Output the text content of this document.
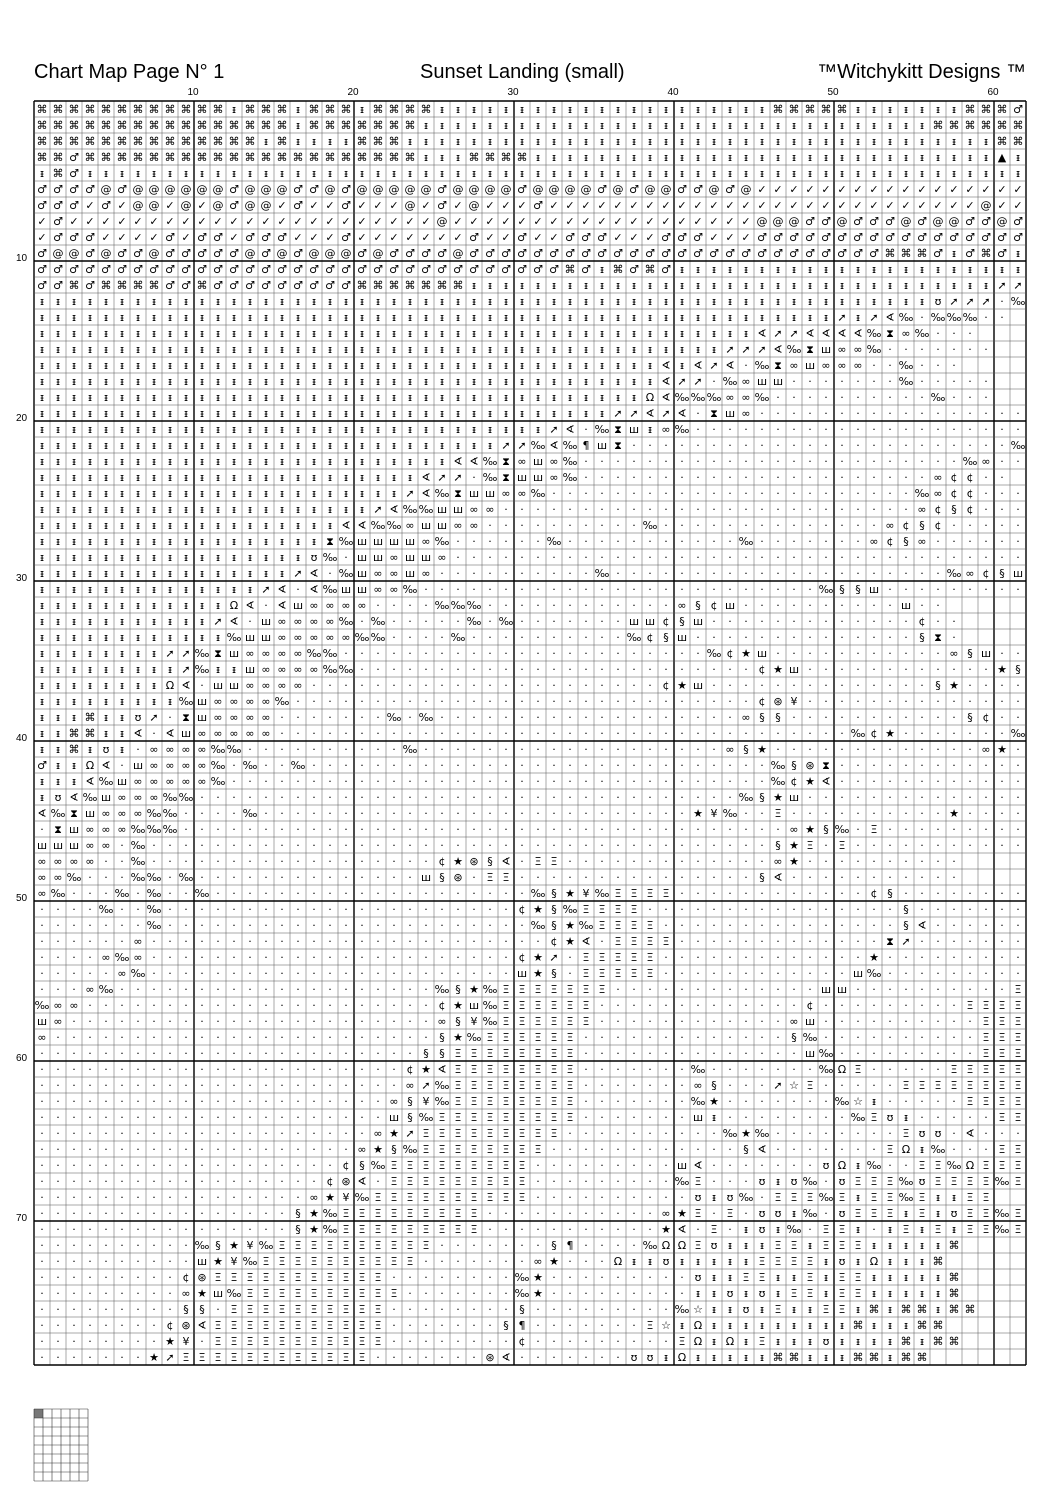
Chart Map Page N° 1	Sunset Landing (small)	™Witchykitt Designs ™
10	20	30	40	50	60
10
20
30
40
50
60
70
⌘ ⌘ ⌘ ⌘ ⌘ ⌘ ⌘ ⌘ ⌘ ⌘ ⌘ ⌘ ᵻ ⌘ ⌘ ⌘ ᵻ ⌘ ⌘ ⌘ ᵻ ⌘ ⌘ ⌘ ⌘ ᵻ ᵻ ᵻ ᵻ ᵻ ᵻ ᵻ ᵻ ᵻ ᵻ ᵻ ᵻ ᵻ ᵻ ᵻ ᵻ ᵻ ᵻ ᵻ ᵻ ᵻ ⌘ ⌘ ⌘ ⌘ ⌘ ᵻ ᵻ ᵻ ᵻ ᵻ ᵻ ᵻ ⌘ ⌘ ⌘ ♂
⌘ ⌘ ⌘ ⌘ ⌘ ⌘ ⌘ ⌘ ⌘ ⌘ ⌘ ⌘ ⌘ ⌘ ⌘ ⌘ ᵻ ⌘ ⌘ ⌘ ⌘ ⌘ ⌘ ⌘ ᵻ ᵻ ᵻ ᵻ ᵻ ᵻ ᵻ ᵻ ᵻ ᵻ ᵻ ᵻ ᵻ ᵻ ᵻ ᵻ ᵻ ᵻ ᵻ ᵻ ᵻ ᵻ ᵻ ᵻ ᵻ ᵻ ᵻ ᵻ ᵻ ᵻ ᵻ ᵻ ⌘ ⌘ ⌘ ⌘ ⌘ ⌘
⌘ ⌘ ⌘ ⌘ ⌘ ⌘ ⌘ ⌘ ⌘ ⌘ ⌘ ⌘ ⌘ ⌘ ᵻ ⌘ ᵻ ᵻ ᵻ ᵻ ⌘ ⌘ ⌘ ᵻ ᵻ ᵻ ᵻ ᵻ ᵻ ᵻ ᵻ ᵻ ᵻ ᵻ ᵻ ᵻ ᵻ ᵻ ᵻ ᵻ ᵻ ᵻ ᵻ ᵻ ᵻ ᵻ ᵻ ᵻ ᵻ ᵻ ᵻ ᵻ ᵻ ᵻ ᵻ ᵻ ᵻ ᵻ ᵻ ᵻ ⌘ ⌘
⌘ ⌘ ♂ ⌘ ⌘ ⌘ ⌘ ⌘ ⌘ ⌘ ⌘ ⌘ ⌘ ⌘ ⌘ ⌘ ⌘ ⌘ ⌘ ⌘ ⌘ ⌘ ⌘ ⌘ ᵻ ᵻ ᵻ ⌘ ⌘ ⌘ ⌘ ᵻ ᵻ ᵻ ᵻ ᵻ ᵻ ᵻ ᵻ ᵻ ᵻ ᵻ ᵻ ᵻ ᵻ ᵻ ᵻ ᵻ ᵻ ᵻ ᵻ ᵻ ᵻ ᵻ ᵻ ᵻ ᵻ ᵻ ᵻ ᵻ ▲ ᵻ
ᵻ ⌘ ♂ ᵻ ᵻ ᵻ ᵻ ᵻ ᵻ ᵻ ᵻ ᵻ ᵻ ᵻ ᵻ ᵻ ᵻ ᵻ ᵻ ᵻ ᵻ ᵻ ᵻ ᵻ ᵻ ᵻ ᵻ ᵻ ᵻ ᵻ ᵻ ᵻ ᵻ ᵻ ᵻ ᵻ ᵻ ᵻ ᵻ ᵻ ᵻ ᵻ ᵻ ᵻ ᵻ ᵻ ᵻ ᵻ ᵻ ᵻ ᵻ ᵻ ᵻ ᵻ ᵻ ᵻ ᵻ ᵻ ᵻ ᵻ ᵻ ᵻ
♂ ♂ ♂ ♂ @ ♂ @ @ @ @ @ @ ♂ @ @ @ ♂ ♂ @ ♂ @ @ @ @ @ ♂ @ @ @ @ ♂ @ @ @ @ ♂ @ ♂ @ @ ♂ ♂ @ ♂ @ ✓ ✓ ✓ ✓ ✓ ✓ ✓ ✓ ✓ ✓ ✓ ✓ ✓ ✓ ✓ ✓ ✓
♂ ♂ ♂ ✓ ♂ ✓ @ @ ✓ @ ✓ @ ♂ @ @ ✓ ♂ ✓ ✓ ♂ ✓ ✓ ✓ @ ✓ ♂ ✓ @ ✓ ✓ ✓ ♂ ✓ ✓ ✓ ✓ ✓ ✓ ✓ ✓ ✓ ✓ ✓ ✓ ✓ ✓ ✓ ✓ ✓ ✓ ✓ ✓ ✓ ✓ ✓ ✓ ✓ ✓ ✓ @ ✓ ✓
✓ ♂ ✓ ✓ ✓ ✓ ✓ ✓ ✓ ✓ ✓ ✓ ✓ ✓ ✓ ✓ ✓ ✓ ✓ ✓ ✓ ✓ ✓ ✓ ✓ @ ✓ ✓ ✓ ✓ ✓ ✓ ✓ ✓ ✓ ✓ ✓ ✓ ✓ ✓ ✓ ✓ ✓ ✓ ✓ @ @ @ ♂ ♂ @ ♂ ♂ ♂ @ ♂ @ @ ♂ ♂ @ ♂
✓ ♂ ♂ ♂ ✓ ✓ ✓ ✓ ♂ ✓ ♂ ♂ ✓ ♂ ♂ ♂ ✓ ✓ ✓ ♂ ✓ ✓ ✓ ✓ ✓ ✓ ✓ ♂ ✓ ✓ ♂ ✓ ✓ ♂ ♂ ♂ ✓ ✓ ✓ ♂ ♂ ♂ ✓ ✓ ✓ ♂ ♂ ♂ ♂ ♂ ♂ ♂ ♂ ♂ ♂ ♂ ♂ ♂ ♂ ♂ ♂ ♂
♂ @ @ ♂ @ ♂ ♂ @ ♂ ♂ ♂ ♂ ♂ @ ♂ @ ♂ @ @ @ ♂ @ ♂ ♂ ♂ ♂ @ ♂ ♂ ♂ ♂ ♂ ♂ ♂ ♂ ♂ ♂ ♂ ♂ ♂ ♂ ♂ ♂ ♂ ♂ ♂ ♂ ♂ ♂ ♂ ♂ ♂ ♂ ⌘ ⌘ ⌘ ♂ ᵻ ♂ ⌘ ♂ ᵻ
♂ ♂ ♂ ♂ ♂ ♂ ♂ ♂ ♂ ♂ ♂ ♂ ♂ ♂ ♂ ♂ ♂ ♂ ♂ ♂ ♂ ♂ ♂ ♂ ♂ ♂ ♂ ♂ ♂ ♂ ♂ ♂ ♂ ⌘ ♂ ᵻ ⌘ ♂ ⌘ ♂ ᵻ ᵻ ᵻ ᵻ ᵻ ᵻ ᵻ ᵻ ᵻ ᵻ ᵻ ᵻ ᵻ ᵻ ᵻ ᵻ ᵻ ᵻ ᵻ ᵻ ᵻ ᵻ
♂ ♂ ⌘ ♂ ⌘ ⌘ ⌘ ⌘ ♂ ♂ ⌘ ♂ ♂ ♂ ♂ ♂ ♂ ♂ ♂ ♂ ⌘ ⌘ ⌘ ⌘ ⌘ ⌘ ⌘ ᵻ ᵻ ᵻ ᵻ ᵻ ᵻ ᵻ ᵻ ᵻ ᵻ ᵻ ᵻ ᵻ ᵻ ᵻ ᵻ ᵻ ᵻ ᵻ ᵻ ᵻ ᵻ ᵻ ᵻ ᵻ ᵻ ᵻ ᵻ ᵻ ᵻ ᵻ ᵻ ᵻ ➚ ➚
ᵻ ᵻ ᵻ ᵻ ᵻ ᵻ ᵻ ᵻ ᵻ ᵻ ᵻ ᵻ ᵻ ᵻ ᵻ ᵻ ᵻ ᵻ ᵻ ᵻ ᵻ ᵻ ᵻ ᵻ ᵻ ᵻ ᵻ ᵻ ᵻ ᵻ ᵻ ᵻ ᵻ ᵻ ᵻ ᵻ ᵻ ᵻ ᵻ ᵻ ᵻ ᵻ ᵻ ᵻ ᵻ ᵻ ᵻ ᵻ ᵻ ᵻ ᵻ ᵻ ᵻ ᵻ ᵻ ᵻ ʊ ➚ ➚ ➚ · ‰
ᵻ ᵻ ᵻ ᵻ ᵻ ᵻ ᵻ ᵻ ᵻ ᵻ ᵻ ᵻ ᵻ ᵻ ᵻ ᵻ ᵻ ᵻ ᵻ ᵻ ᵻ ᵻ ᵻ ᵻ ᵻ ᵻ ᵻ ᵻ ᵻ ᵻ ᵻ ᵻ ᵻ ᵻ ᵻ ᵻ ᵻ ᵻ ᵻ ᵻ ᵻ ᵻ ᵻ ᵻ ᵻ ᵻ ᵻ ᵻ ᵻ ᵻ ➚ ᵻ ➚ ∢ ‰ · ‰ ‰ ‰ · ·
ᵻ ᵻ ᵻ ᵻ ᵻ ᵻ ᵻ ᵻ ᵻ ᵻ ᵻ ᵻ ᵻ ᵻ ᵻ ᵻ ᵻ ᵻ ᵻ ᵻ ᵻ ᵻ ᵻ ᵻ ᵻ ᵻ ᵻ ᵻ ᵻ ᵻ ᵻ ᵻ ᵻ ᵻ ᵻ ᵻ ᵻ ᵻ ᵻ ᵻ ᵻ ᵻ ᵻ ᵻ ᵻ ∢ ➚ ➚ ∢ ∢ ∢ ∢ ‰ ⧗ ∞ ‰ · · ·
ᵻ ᵻ ᵻ ᵻ ᵻ ᵻ ᵻ ᵻ ᵻ ᵻ ᵻ ᵻ ᵻ ᵻ ᵻ ᵻ ᵻ ᵻ ᵻ ᵻ ᵻ ᵻ ᵻ ᵻ ᵻ ᵻ ᵻ ᵻ ᵻ ᵻ ᵻ ᵻ ᵻ ᵻ ᵻ ᵻ ᵻ ᵻ ᵻ ᵻ ᵻ ᵻ ᵻ ➚ ➚ ➚ ∢ ‰ ⧗ ш ∞ ∞ ‰ · · · · · · ·
ᵻ ᵻ ᵻ ᵻ ᵻ ᵻ ᵻ ᵻ ᵻ ᵻ ᵻ ᵻ ᵻ ᵻ ᵻ ᵻ ᵻ ᵻ ᵻ ᵻ ᵻ ᵻ ᵻ ᵻ ᵻ ᵻ ᵻ ᵻ ᵻ ᵻ ᵻ ᵻ ᵻ ᵻ ᵻ ᵻ ᵻ ᵻ ᵻ ∢ ᵻ ∢ ➚ ∢ · ‰ ⧗ ∞ ш ∞ ∞ ∞ · · ‰ · · ·
ᵻ ᵻ ᵻ ᵻ ᵻ ᵻ ᵻ ᵻ ᵻ ᵻ ᵻ ᵻ ᵻ ᵻ ᵻ ᵻ ᵻ ᵻ ᵻ ᵻ ᵻ ᵻ ᵻ ᵻ ᵻ ᵻ ᵻ ᵻ ᵻ ᵻ ᵻ ᵻ ᵻ ᵻ ᵻ ᵻ ᵻ ᵻ ᵻ ∢ ➚ ➚ · ‰ ∞ ш ш · · · · · · · ‰ · · · · ·
ᵻ ᵻ ᵻ ᵻ ᵻ ᵻ ᵻ ᵻ ᵻ ᵻ ᵻ ᵻ ᵻ ᵻ ᵻ ᵻ ᵻ ᵻ ᵻ ᵻ ᵻ ᵻ ᵻ ᵻ ᵻ ᵻ ᵻ ᵻ ᵻ ᵻ ᵻ ᵻ ᵻ ᵻ ᵻ ᵻ ᵻ ᵻ Ω ∢ ‰ ‰ ‰ ∞ ∞ ‰ · · · · · · · · · · ‰ · · ·
ᵻ ᵻ ᵻ ᵻ ᵻ ᵻ ᵻ ᵻ ᵻ ᵻ ᵻ ᵻ ᵻ ᵻ ᵻ ᵻ ᵻ ᵻ ᵻ ᵻ ᵻ ᵻ ᵻ ᵻ ᵻ ᵻ ᵻ ᵻ ᵻ ᵻ ᵻ ᵻ ᵻ ᵻ ᵻ ᵻ ➚ ➚ ∢ ➚ ∢ · ⧗ ш ∞ · · · · · · · · · · · · · · · · ·
ᵻ ᵻ ᵻ ᵻ ᵻ ᵻ ᵻ ᵻ ᵻ ᵻ ᵻ ᵻ ᵻ ᵻ ᵻ ᵻ ᵻ ᵻ ᵻ ᵻ ᵻ ᵻ ᵻ ᵻ ᵻ ᵻ ᵻ ᵻ ᵻ ᵻ ᵻ ᵻ ➚ ∢ · ‰ ⧗ ш ᵻ ∞ ‰ · · · · · · · · · · · · · · · · · · · · ·
ᵻ ᵻ ᵻ ᵻ ᵻ ᵻ ᵻ ᵻ ᵻ ᵻ ᵻ ᵻ ᵻ ᵻ ᵻ ᵻ ᵻ ᵻ ᵻ ᵻ ᵻ ᵻ ᵻ ᵻ ᵻ ᵻ ᵻ ᵻ ᵻ ➚ ➚ ‰ ∢ ‰ ¶ ш ⧗ · · · · · · · · · · · · · · · · · · · · · · · · ‰
ᵻ ᵻ ᵻ ᵻ ᵻ ᵻ ᵻ ᵻ ᵻ ᵻ ᵻ ᵻ ᵻ ᵻ ᵻ ᵻ ᵻ ᵻ ᵻ ᵻ ᵻ ᵻ ᵻ ᵻ ᵻ ᵻ ∢ ∢ ‰ ⧗ ∞ ш ∞ ‰ · · · · · · · · · · · · · · · · · · · · · · · · ‰ ∞ · ·
ᵻ ᵻ ᵻ ᵻ ᵻ ᵻ ᵻ ᵻ ᵻ ᵻ ᵻ ᵻ ᵻ ᵻ ᵻ ᵻ ᵻ ᵻ ᵻ ᵻ ᵻ ᵻ ᵻ ᵻ ∢ ➚ ➚ · ‰ ⧗ ш ш ∞ ‰ · · · · · · · · · · · · · · · · · · · · · · ∞ ¢ ¢ · ·
ᵻ ᵻ ᵻ ᵻ ᵻ ᵻ ᵻ ᵻ ᵻ ᵻ ᵻ ᵻ ᵻ ᵻ ᵻ ᵻ ᵻ ᵻ ᵻ ᵻ ᵻ ᵻ ᵻ ➚ ∢ ‰ ⧗ ш ш ∞ ∞ ‰ · · · · · · · · · · · · · · · · · · · · · · · ‰ ∞ ¢ ¢ · · ·
ᵻ ᵻ ᵻ ᵻ ᵻ ᵻ ᵻ ᵻ ᵻ ᵻ ᵻ ᵻ ᵻ ᵻ ᵻ ᵻ ᵻ ᵻ ᵻ ᵻ ᵻ ➚ ∢ ‰ ‰ ш ш ∞ ∞ · · · · · · · · · · · · · · · · · · · · · · · · · · ∞ ¢ § ¢ · · ·
ᵻ ᵻ ᵻ ᵻ ᵻ ᵻ ᵻ ᵻ ᵻ ᵻ ᵻ ᵻ ᵻ ᵻ ᵻ ᵻ ᵻ ᵻ ᵻ ∢ ∢ ‰ ‰ ∞ ш ш ∞ ∞ · · · · · · · · · · ‰ · · · · · · · · · · · · · · ∞ ¢ § ¢ · · · · ·
ᵻ ᵻ ᵻ ᵻ ᵻ ᵻ ᵻ ᵻ ᵻ ᵻ ᵻ ᵻ ᵻ ᵻ ᵻ ᵻ ᵻ ᵻ ⧗ ‰ ш ш ш ш ∞ ‰ · · · · · · ‰ · · · · · · · · · · · ‰ · · · · · · · ∞ ¢ § ∞ · · · · · ·
ᵻ ᵻ ᵻ ᵻ ᵻ ᵻ ᵻ ᵻ ᵻ ᵻ ᵻ ᵻ ᵻ ᵻ ᵻ ᵻ ᵻ ʊ ‰ · ш ш ∞ ш ш ∞ · · · · · · · · · · · · · · · · · · · · · · · · · · · · · · · · · · · ·
ᵻ ᵻ ᵻ ᵻ ᵻ ᵻ ᵻ ᵻ ᵻ ᵻ ᵻ ᵻ ᵻ ᵻ ᵻ ᵻ ➚ ∢ · ‰ ш ∞ ∞ ш ∞ · · · · · · · · · · ‰ · · · · · · · · · · · · · · · · · · · · · ‰ ∞ ¢ § ш
ᵻ ᵻ ᵻ ᵻ ᵻ ᵻ ᵻ ᵻ ᵻ ᵻ ᵻ ᵻ ᵻ ᵻ ➚ ∢ · ∢ ‰ ш ш ∞ ∞ ‰ · · · · · · · · · · · · · · · · · · · · · · · · · ‰ § § ш · · · · · · · · ·
ᵻ ᵻ ᵻ ᵻ ᵻ ᵻ ᵻ ᵻ ᵻ ᵻ ᵻ ᵻ Ω ∢ · ∢ ш ∞ ∞ ∞ ∞ · · · · ‰ ‰ ‰ · · · · · · · · · · · · ∞ § ¢ ш · · · · · · · · · · ш · ·
ᵻ ᵻ ᵻ ᵻ ᵻ ᵻ ᵻ ᵻ ᵻ ᵻ ᵻ ➚ ∢ · ш ∞ ∞ ∞ ∞ ‰ · ‰ · · · · · ‰ · ‰ · · · · · · · ш ш ¢ § ш · · · · · · · · · · · · · ¢ · ·
ᵻ ᵻ ᵻ ᵻ ᵻ ᵻ ᵻ ᵻ ᵻ ᵻ ᵻ ᵻ ‰ ш ш ∞ ∞ ∞ ∞ ∞ ‰ ‰ · · · · ‰ · · · · · · · · · · ‰ ¢ § ш · · · · · · · · · · · · · · § ⧗ ·
ᵻ ᵻ ᵻ ᵻ ᵻ ᵻ ᵻ ᵻ ➚ ➚ ‰ ⧗ ш ∞ ∞ ∞ ∞ ‰ ‰ · · · · · · · · · · · · · · · · · · · · · · · ‰ ¢ ★ ш · · · · · · · · · · · ∞ § ш · ·
ᵻ ᵻ ᵻ ᵻ ᵻ ᵻ ᵻ ᵻ ᵻ ➚ ‰ ᵻ ᵻ ш ∞ ∞ ∞ ∞ ‰ ‰ · · · · · · · · · · · · · · · · · · · · · · · · · ¢ ★ ш · · · · · · · · · · · · ★ §
ᵻ ᵻ ᵻ ᵻ ᵻ ᵻ ᵻ ᵻ Ω ∢ · ш ш ∞ ∞ ∞ ∞ · · · · · · · · · · · · · · · · · · · · · · ¢ ★ ш · · · · · · · · · · · · · · § ★ · · · ·
ᵻ ᵻ ᵻ ᵻ ᵻ ᵻ ᵻ ᵻ ᵻ ‰ ш ∞ ∞ ∞ ∞ ‰ · · · · · · · · · · · · · · · · · · · · · · · · · · · · · ¢ ⊛ ¥ · · · · · · · · · · · · · ·
ᵻ ᵻ ᵻ ⌘ ᵻ ᵻ ʊ ➚ · ⧗ ш ∞ ∞ ∞ ∞ · · · · · · · ‰ · ‰ · · · · · · · · · · · · · · · · · · · ∞ § § · · · · · · · · · · · § ¢ · ·
ᵻ ᵻ ⌘ ⌘ ᵻ ᵻ ∢ · ∢ ш ∞ ∞ ∞ ∞ ∞ · · · · · · · · · · · · · · · · · · · · · · · · · · · · · · · · · · · · ‰ ¢ ★ · · · · · · · ‰
ᵻ ᵻ ⌘ ᵻ ʊ ᵻ · ∞ ∞ ∞ ∞ ‰ ‰ · · · · · · · · · · ‰ · · · · · · · · · · · · · · · · · · · ∞ § ★ · · · · · · · · · · · · · ∞ ★ ·
♂ ᵻ ᵻ Ω ∢ · ш ∞ ∞ ∞ ∞ ‰ · ‰ · · ‰ · · · · · · · · · · · · · · · · · · · · · · · · · · · · · ‰ § ⊛ ⧗ · · · · · · · · · · · ·
ᵻ ᵻ ᵻ ∢ ‰ ш ∞ ∞ ∞ ∞ ∞ ‰ · · · · · · · · · · · · · · · · · · · · · · · · · · · · · · · · · · ‰ ¢ ★ ∢ · · · · · · · · · · · ·
ᵻ ʊ ∢ ‰ ш ∞ ∞ ∞ ‰ ‰ · · · · · · · · · · · · · · · · · · · · · · · · · · · · · · · · · · ‰ § ★ ш · · · · · · · · · · · · · ·
∢ ‰ ⧗ ш ∞ ∞ ∞ ‰ ‰ · · · · ‰ · · · · · · · · · · · · · · · · · · · · · · · · · · · ★ ¥ ‰ · · Ξ · · · · · · · · · · ★ · · · ·
· ⧗ ш ∞ ∞ ∞ ‰ ‰ ‰ · · · · · · · · · · · · · · · · · · · · · · · · · · · · · · · · · · · · · · ∞ ★ § ‰ · Ξ · · · · · · · · ·
ш ш ш ∞ ∞ · ‰ · · · · · · · · · · · · · · · · · · · · · · · · · · · · · · · · · · · · · · · § ★ Ξ · Ξ · · · · · · · · · · ·
∞ ∞ ∞ ∞ · · ‰ · · · · · · · · · · · · · · · · · · ¢ ★ ⊛ § ∢ · Ξ Ξ · · · · · · · · · · · · · ∞ ★ · · · · · · · · · ·
∞ ∞ ‰ · · · ‰ ‰ · ‰ · · · · · · · · · · · · · · ш § ⊛ · Ξ Ξ · · · · · · · · · · · · · · · § ∢ · · · · · · · · · · ·
∞ ‰ · · · ‰ · ‰ · · ‰ · · · · · · · · · · · · · · · · · · · · ‰ § ★ ¥ ‰ Ξ Ξ Ξ Ξ · · · · · · · · · · · · ¢ § · · · · · · · ·
· · · · ‰ · · ‰ · · · · · · · · · · · · · · · · · · · · · · ¢ ★ § ‰ Ξ Ξ Ξ Ξ · · · · · · · · · · · · · · · · § · · · · · · ·
· · · · · · · ‰ · · · · · · · · · · · · · · · · · · · · · · · ‰ § ★ ‰ Ξ Ξ Ξ Ξ · · · · · · · · · · · · · · · § ∢ · · · · · ·
· · · · · · ∞ · · · · · · · · · · · · · · · · · · · · · · · · · ¢ ★ ∢ · Ξ Ξ Ξ Ξ · · · · · · · · · · · · · ⧗ ➚ · · · · · · ·
· · · · ∞ ‰ ∞ · · · · · · · · · · · · · · · · · · · · · · · ¢ ★ ➚ · Ξ Ξ Ξ Ξ Ξ · · · · · · · · · · · · · ★ · · · · · · · · ·
· · · · · ∞ ‰ · · · · · · · · · · · · · · · · · · · · · · · ш ★ § · Ξ Ξ Ξ Ξ Ξ · · · · · · · · · · · · ш ‰ · · · · · · · · ·
· · · ∞ ‰ · · · · · · · · · · · · · · · · · · · · ‰ § ★ ‰ Ξ Ξ Ξ Ξ Ξ Ξ Ξ · · · · · · · · · · · · · ш ш · · · · · · · · · · Ξ
‰ ∞ ∞ · · · · · · · · · · · · · · · · · · · · · · ¢ ★ ш ‰ Ξ Ξ Ξ Ξ Ξ Ξ · · · · · · · · · · · · · ¢ · · · · · · · · · Ξ Ξ Ξ Ξ
ш ∞ · · · · · · · · · · · · · · · · · · · · · · · ∞ § ¥ ‰ Ξ Ξ Ξ Ξ Ξ Ξ · · · · · · · · · · · · ∞ ш · · · · · · · · · · Ξ Ξ Ξ
∞ · · · · · · · · · · · · · · · · · · · · · · · · § ★ ‰ Ξ Ξ Ξ Ξ Ξ Ξ · · · · · · · · · · · · · § ‰ · · · · · · · · · · Ξ Ξ Ξ
· · · · · · · · · · · · · · · · · · · · · · · · § § Ξ Ξ Ξ Ξ Ξ Ξ Ξ Ξ · · · · · · · · · · · · · · ш ‰ · · · · · · · · · Ξ Ξ Ξ
· · · · · · · · · · · · · · · · · · · · · · · ¢ ★ ∢ Ξ Ξ Ξ Ξ Ξ Ξ Ξ Ξ · · · · · · · ‰ · · · · · · · ‰ Ω Ξ · · · · · Ξ Ξ Ξ Ξ Ξ
· · · · · · · · · · · · · · · · · · · · · · · ∞ ➚ ‰ Ξ Ξ Ξ Ξ Ξ Ξ Ξ Ξ · · · · · · · ∞ § · · · ➚ ☆ Ξ · · · · · Ξ Ξ Ξ Ξ Ξ Ξ Ξ Ξ
· · · · · · · · · · · · · · · · · · · · · · ∞ § ¥ ‰ Ξ Ξ Ξ Ξ Ξ Ξ Ξ Ξ · · · · · · · ‰ ★ · · · · · · · ‰ ☆ ᵻ · · · · · Ξ Ξ Ξ Ξ
· · · · · · · · · · · · · · · · · · · · · · ш § ‰ Ξ Ξ Ξ Ξ Ξ Ξ Ξ Ξ Ξ · · · · · · · ш ᵻ · · · · · · · · ‰ Ξ ʊ ᵻ · · · · · Ξ Ξ
· · · · · · · · · · · · · · · · · · · · · ∞ ★ ➚ Ξ Ξ Ξ Ξ Ξ Ξ Ξ Ξ Ξ · · · · · · · · · · ‰ ★ ‰ · · · · · · · · Ξ ʊ ʊ · ∢ · · ·
· · · · · · · · · · · · · · · · · · · · ∞ ★ § ‰ Ξ Ξ Ξ Ξ Ξ Ξ Ξ Ξ · · · · · · · · · · · · § ∢ · · · · · · · Ξ Ω ᵻ ‰ · · · Ξ Ξ
· · · · · · · · · · · · · · · · · · · ¢ § ‰ Ξ Ξ Ξ Ξ Ξ Ξ Ξ Ξ Ξ · · · · · · · · · ш ∢ · · · · · · · ʊ Ω ᵻ ‰ · · Ξ Ξ ‰ Ω Ξ Ξ Ξ
· · · · · · · · · · · · · · · · · · ¢ ⊛ ∢ · Ξ Ξ Ξ Ξ Ξ Ξ Ξ Ξ Ξ · · · · · · · · · ‰ Ξ · · · ʊ ᵻ ʊ ‰ · ʊ Ξ Ξ Ξ ‰ ʊ Ξ Ξ Ξ Ξ ‰ Ξ
· · · · · · · · · · · · · · · · · ∞ ★ ¥ ‰ Ξ Ξ Ξ Ξ Ξ Ξ Ξ Ξ Ξ Ξ · · · · · · · · · · ʊ ᵻ ʊ ‰ · Ξ Ξ Ξ ‰ Ξ ᵻ Ξ Ξ ‰ Ξ ᵻ ᵻ Ξ Ξ
· · · · · · · · · · · · · · · · § ★ ‰ Ξ Ξ Ξ Ξ Ξ Ξ Ξ Ξ Ξ · · · · · · · · · · · ∞ ★ Ξ · Ξ · ʊ ʊ ᵻ ‰ · ʊ Ξ Ξ Ξ ᵻ Ξ ᵻ ʊ Ξ Ξ ‰ Ξ
· · · · · · · · · · · · · · · · § ★ ‰ Ξ Ξ Ξ Ξ Ξ Ξ Ξ Ξ Ξ · · · · · · · · · · · ★ ∢ · Ξ · ᵻ ʊ ᵻ ‰ · Ξ Ξ ᵻ · ᵻ Ξ ᵻ Ξ ᵻ Ξ Ξ ‰ Ξ
· · · · · · · · · · ‰ § ★ ¥ ‰ Ξ Ξ Ξ Ξ Ξ Ξ Ξ Ξ Ξ Ξ · · · · · · · § ¶ · · · · ‰ Ω Ω Ξ ʊ ᵻ ᵻ ᵻ Ξ Ξ ᵻ Ξ Ξ Ξ ᵻ ᵻ ᵻ ᵻ ᵻ ⌘
· · · · · · · · · · ш ★ ¥ ‰ Ξ Ξ Ξ Ξ Ξ Ξ Ξ Ξ Ξ Ξ · · · · · · · ∞ ★ · · · Ω ᵻ ᵻ ʊ ᵻ ᵻ ᵻ ᵻ ᵻ Ξ Ξ Ξ Ξ ᵻ ʊ ᵻ Ω ᵻ ᵻ ᵻ ⌘
· · · · · · · · · ¢ ⊛ Ξ Ξ Ξ Ξ Ξ Ξ Ξ Ξ Ξ Ξ Ξ · · · · · · · · ‰ ★ · · · · · · · · · ʊ ᵻ ᵻ Ξ Ξ ᵻ ᵻ Ξ ᵻ Ξ Ξ ᵻ ᵻ ᵻ ᵻ ᵻ ⌘
· · · · · · · · · ∞ ★ ш ‰ Ξ Ξ Ξ Ξ Ξ Ξ Ξ Ξ Ξ Ξ · · · · · · · ‰ ★ · · · · · · · · · ᵻ ᵻ ʊ ᵻ ʊ ᵻ Ξ Ξ ᵻ Ξ Ξ ᵻ ᵻ ᵻ ᵻ ᵻ ⌘
· · · · · · · · · § § · Ξ Ξ Ξ Ξ Ξ Ξ Ξ Ξ Ξ Ξ · · · · · · · · § · · · · · · · · · ‰ ☆ ᵻ ᵻ ʊ ᵻ Ξ ᵻ ᵻ Ξ Ξ ᵻ ⌘ ᵻ ⌘ ⌘ ᵻ ⌘ ⌘
· · · · · · · · ¢ ⊛ ∢ Ξ Ξ Ξ Ξ Ξ Ξ Ξ Ξ Ξ Ξ Ξ · · · · · · · § ¶ · · · · · · · Ξ ☆ ᵻ Ω ᵻ ᵻ ᵻ ᵻ ᵻ ᵻ ᵻ ᵻ ᵻ ⌘ ᵻ ᵻ ᵻ ⌘ ⌘
· · · · · · · · ★ ¥ · Ξ Ξ Ξ Ξ Ξ Ξ Ξ Ξ Ξ Ξ Ξ · · · · · · · · ¢ · · · · · · · · · Ξ Ω ᵻ Ω ᵻ Ξ ᵻ ᵻ ᵻ ʊ ᵻ ᵻ ᵻ ᵻ ⌘ ᵻ ⌘ ⌘
· · · · · · · ★ ➚ Ξ Ξ Ξ Ξ Ξ Ξ Ξ Ξ Ξ Ξ Ξ Ξ · · · · · · · ⊛ ∢ · · · · · · · ʊ ʊ ᵻ Ω ᵻ ᵻ ᵻ ᵻ ᵻ ⌘ ⌘ ᵻ ᵻ ᵻ ⌘ ⌘ ᵻ ⌘ ⌘
